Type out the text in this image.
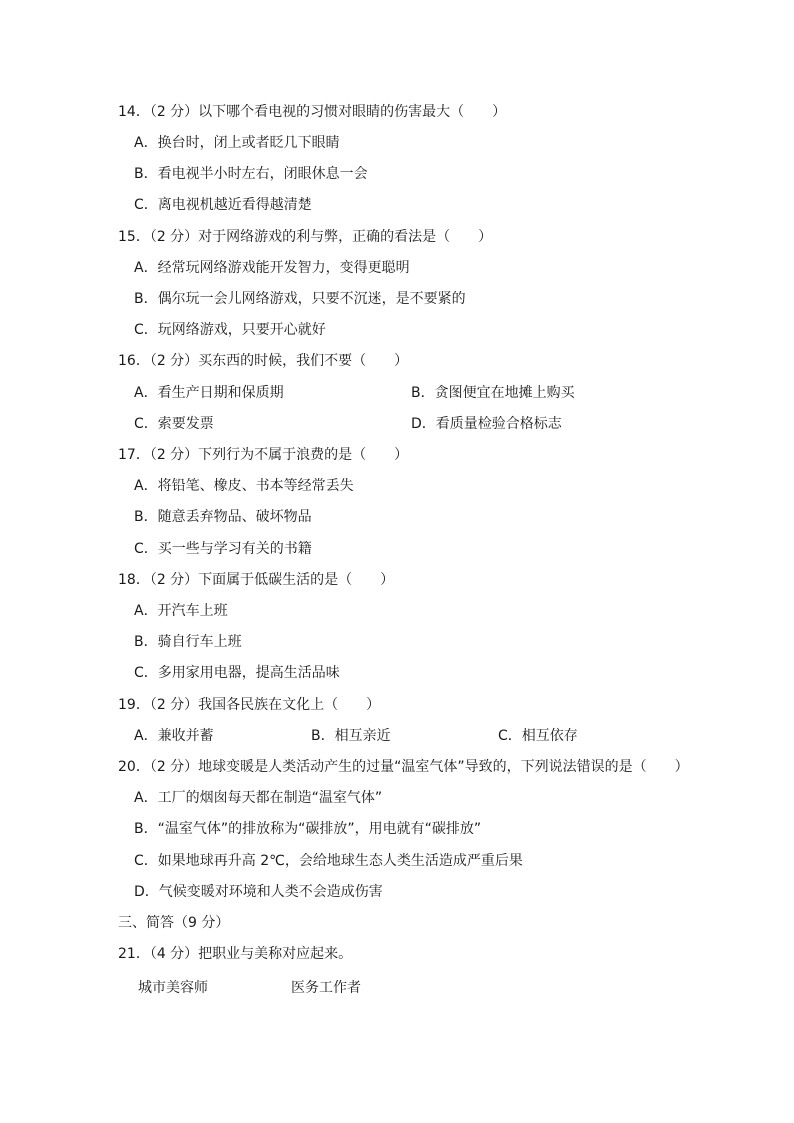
14．（2 分）以下哪个看电视的习惯对眼睛的伤害最大（　　）
A．换台时，闭上或者眨几下眼睛
B．看电视半小时左右，闭眼休息一会
C．离电视机越近看得越清楚
15．（2 分）对于网络游戏的利与弊，正确的看法是（　　）
A．经常玩网络游戏能开发智力，变得更聪明
B．偶尔玩一会儿网络游戏，只要不沉迷，是不要紧的
C．玩网络游戏，只要开心就好
16．（2 分）买东西的时候，我们不要（　　）
A．看生产日期和保质期	B．贪图便宜在地摊上购买
C．索要发票	D．看质量检验合格标志
17．（2 分）下列行为不属于浪费的是（　　）
A．将铅笔、橡皮、书本等经常丢失
B．随意丢弃物品、破坏物品
C．买一些与学习有关的书籍
18．（2 分）下面属于低碳生活的是（　　）
A．开汽车上班
B．骑自行车上班
C．多用家用电器，提高生活品味
19．（2 分）我国各民族在文化上（　　）
A．兼收并蓄	B．相互亲近	C．相互依存
20．（2 分）地球变暖是人类活动产生的过量“温室气体”导致的，下列说法错误的是（　　）
A．工厂的烟囱每天都在制造“温室气体”
B．“温室气体”的排放称为“碳排放”，用电就有“碳排放”
C．如果地球再升高 2℃，会给地球生态人类生活造成严重后果
D．气候变暖对环境和人类不会造成伤害
三、简答（9 分）
21．（4 分）把职业与美称对应起来。
城市美容师	医务工作者
